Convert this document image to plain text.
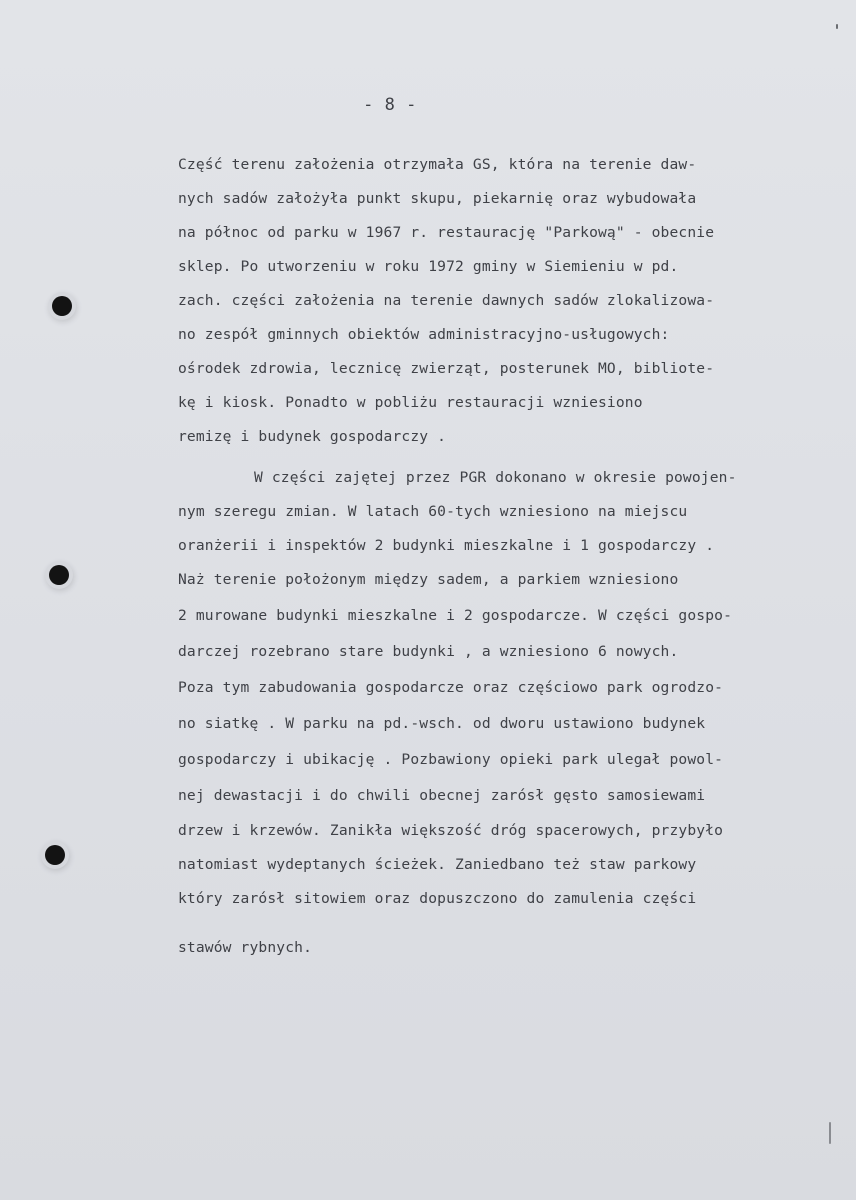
- 8 -
Część terenu założenia otrzymała GS, która na terenie daw-
nych sadów założyła punkt skupu, piekarnię oraz wybudowała
na północ od parku w 1967 r. restaurację "Parkową" - obecnie
sklep. Po utworzeniu w roku 1972 gminy w Siemieniu w pd.
zach. części założenia na terenie dawnych sadów zlokalizowa-
no zespół gminnych obiektów administracyjno-usługowych:
ośrodek zdrowia, lecznicę zwierząt, posterunek MO, bibliote-
kę i kiosk. Ponadto w pobliżu restauracji wzniesiono
remizę i budynek gospodarczy .
W części zajętej przez PGR dokonano w okresie powojen-
nym szeregu zmian. W latach 60-tych wzniesiono na miejscu
oranżerii i inspektów 2 budynki mieszkalne i 1 gospodarczy .
Naż terenie położonym między sadem, a parkiem wzniesiono
2 murowane budynki mieszkalne i 2 gospodarcze. W części gospo-
darczej rozebrano stare budynki , a wzniesiono 6 nowych.
Poza tym zabudowania gospodarcze oraz częściowo park ogrodzo-
no siatkę . W parku na pd.-wsch. od dworu ustawiono budynek
gospodarczy i ubikację . Pozbawiony opieki park ulegał powol-
nej dewastacji i do chwili obecnej zarósł gęsto samosiewami
drzew i krzewów. Zanikła większość dróg spacerowych, przybyło
natomiast wydeptanych ścieżek. Zaniedbano też staw parkowy
który zarósł sitowiem oraz dopuszczono do zamulenia części
stawów rybnych.
